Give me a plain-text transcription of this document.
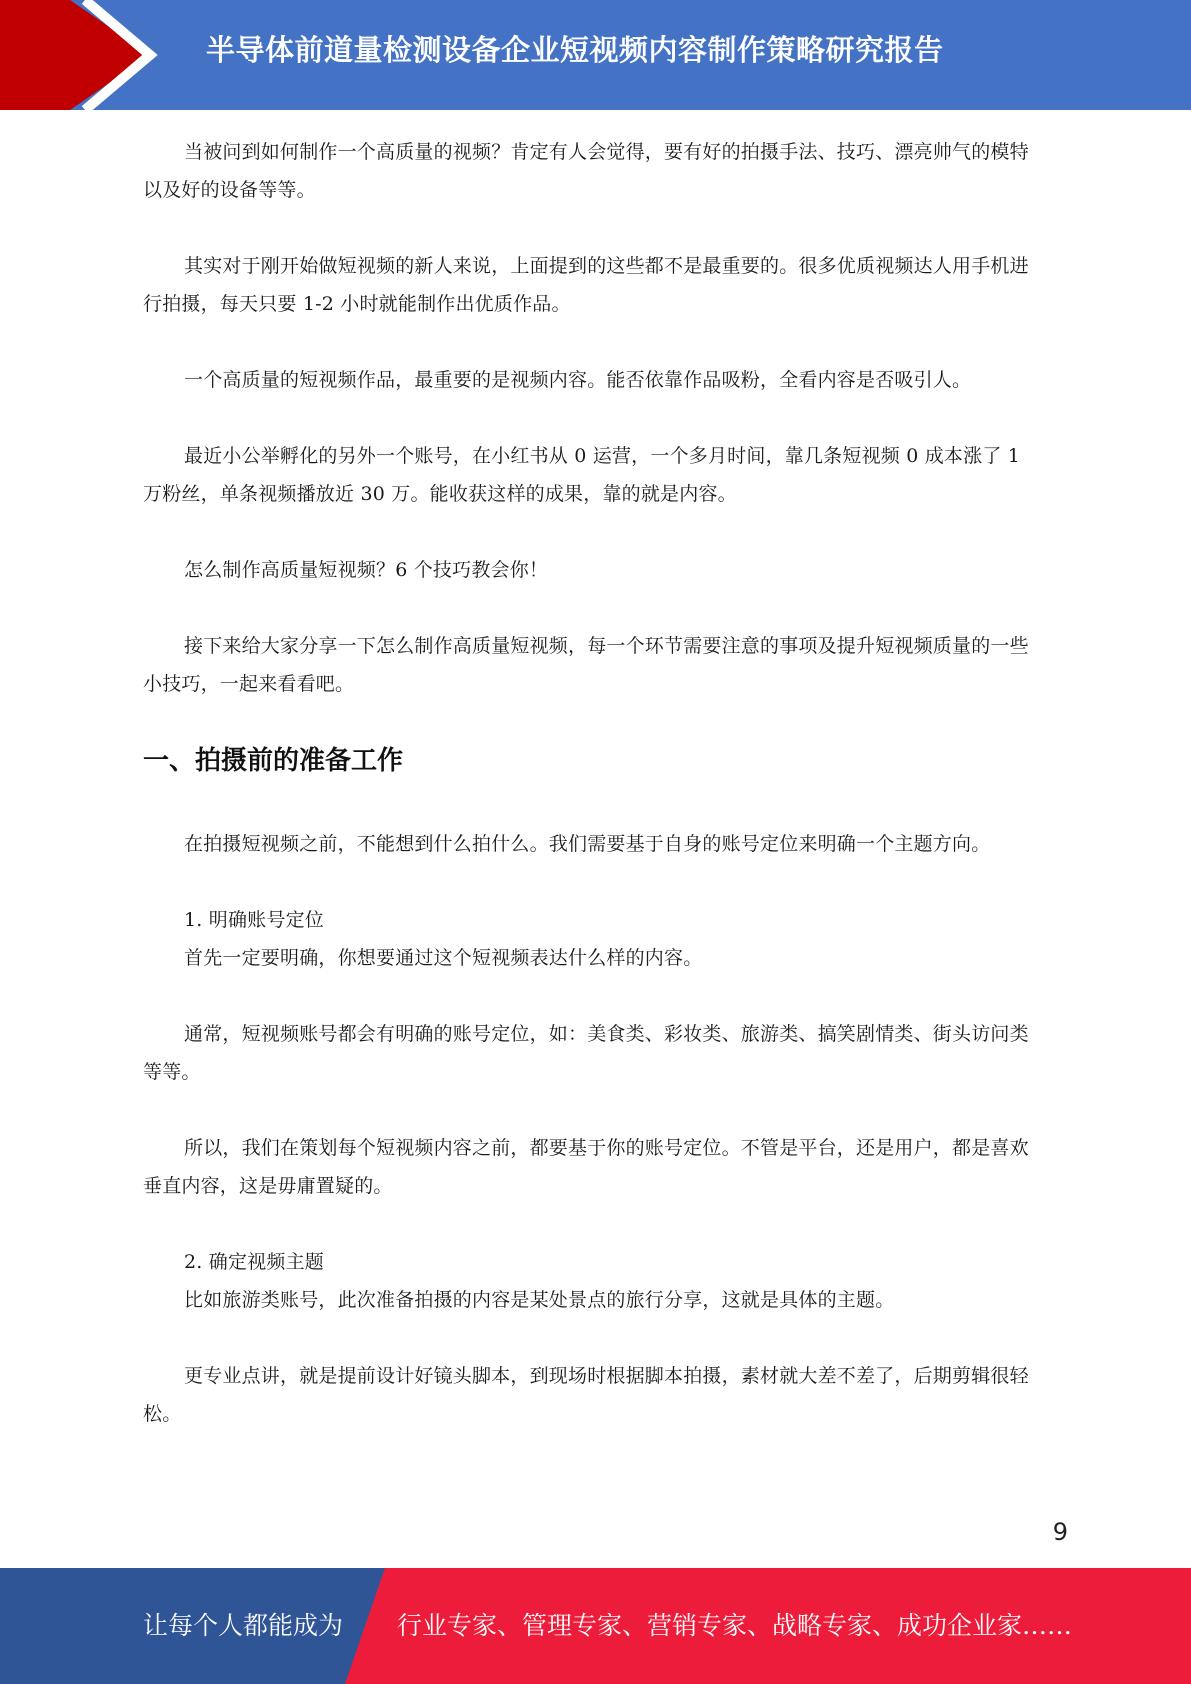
半导体前道量检测设备企业短视频内容制作策略研究报告

当被问到如何制作一个高质量的视频？肯定有人会觉得，要有好的拍摄手法、技巧、漂亮帅气的模特以及好的设备等等。

其实对于刚开始做短视频的新人来说，上面提到的这些都不是最重要的。很多优质视频达人用手机进行拍摄，每天只要 1-2 小时就能制作出优质作品。

一个高质量的短视频作品，最重要的是视频内容。能否依靠作品吸粉，全看内容是否吸引人。

最近小公举孵化的另外一个账号，在小红书从 0 运营，一个多月时间，靠几条短视频 0 成本涨了 1 万粉丝，单条视频播放近 30 万。能收获这样的成果，靠的就是内容。

怎么制作高质量短视频？6 个技巧教会你！

接下来给大家分享一下怎么制作高质量短视频，每一个环节需要注意的事项及提升短视频质量的一些小技巧，一起来看看吧。

一、拍摄前的准备工作

在拍摄短视频之前，不能想到什么拍什么。我们需要基于自身的账号定位来明确一个主题方向。

1. 明确账号定位

首先一定要明确，你想要通过这个短视频表达什么样的内容。

通常，短视频账号都会有明确的账号定位，如：美食类、彩妆类、旅游类、搞笑剧情类、街头访问类等等。

所以，我们在策划每个短视频内容之前，都要基于你的账号定位。不管是平台，还是用户，都是喜欢垂直内容，这是毋庸置疑的。

2. 确定视频主题

比如旅游类账号，此次准备拍摄的内容是某处景点的旅行分享，这就是具体的主题。

更专业点讲，就是提前设计好镜头脚本，到现场时根据脚本拍摄，素材就大差不差了，后期剪辑很轻松。

9
让每个人都能成为 行业专家、管理专家、营销专家、战略专家、成功企业家……
